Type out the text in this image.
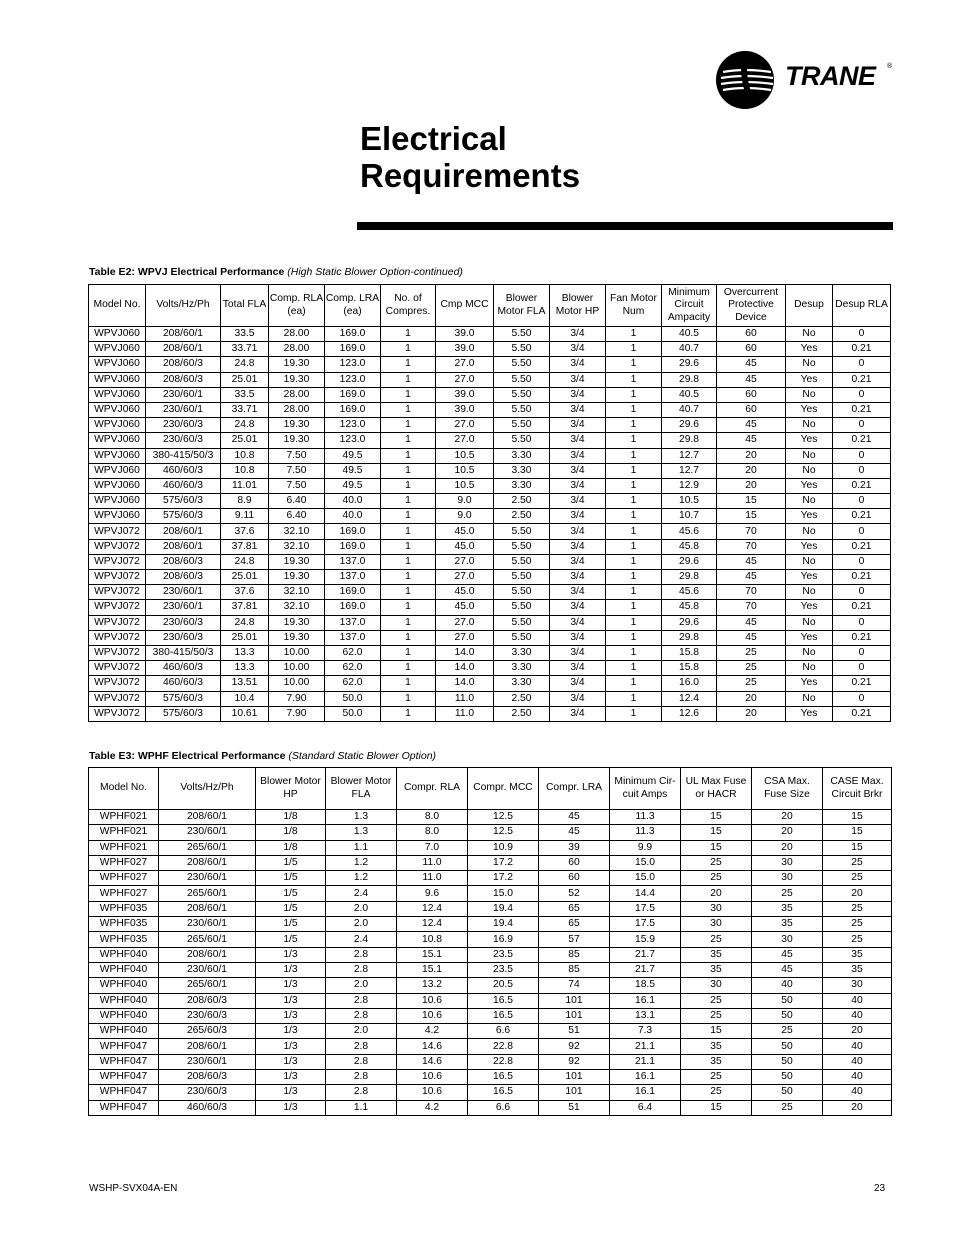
TRANE ®
Electrical
Requirements
Table E2: WPVJ Electrical Performance (High Static Blower Option-continued)
Model No.	Volts/Hz/Ph	Total FLA	Comp. RLA (ea)	Comp. LRA (ea)	No. of Compres.	Cmp MCC	Blower Motor FLA	Blower Motor HP	Fan Motor Num	Minimum Circuit Ampacity	Overcurrent Protective Device	Desup	Desup RLA
WPVJ060	208/60/1	33.5	28.00	169.0	1	39.0	5.50	3/4	1	40.5	60	No	0
WPVJ060	208/60/1	33.71	28.00	169.0	1	39.0	5.50	3/4	1	40.7	60	Yes	0.21
WPVJ060	208/60/3	24.8	19.30	123.0	1	27.0	5.50	3/4	1	29.6	45	No	0
WPVJ060	208/60/3	25.01	19.30	123.0	1	27.0	5.50	3/4	1	29.8	45	Yes	0.21
WPVJ060	230/60/1	33.5	28.00	169.0	1	39.0	5.50	3/4	1	40.5	60	No	0
WPVJ060	230/60/1	33.71	28.00	169.0	1	39.0	5.50	3/4	1	40.7	60	Yes	0.21
WPVJ060	230/60/3	24.8	19.30	123.0	1	27.0	5.50	3/4	1	29.6	45	No	0
WPVJ060	230/60/3	25.01	19.30	123.0	1	27.0	5.50	3/4	1	29.8	45	Yes	0.21
WPVJ060	380-415/50/3	10.8	7.50	49.5	1	10.5	3.30	3/4	1	12.7	20	No	0
WPVJ060	460/60/3	10.8	7.50	49.5	1	10.5	3.30	3/4	1	12.7	20	No	0
WPVJ060	460/60/3	11.01	7.50	49.5	1	10.5	3.30	3/4	1	12.9	20	Yes	0.21
WPVJ060	575/60/3	8.9	6.40	40.0	1	9.0	2.50	3/4	1	10.5	15	No	0
WPVJ060	575/60/3	9.11	6.40	40.0	1	9.0	2.50	3/4	1	10.7	15	Yes	0.21
WPVJ072	208/60/1	37.6	32.10	169.0	1	45.0	5.50	3/4	1	45.6	70	No	0
WPVJ072	208/60/1	37.81	32.10	169.0	1	45.0	5.50	3/4	1	45.8	70	Yes	0.21
WPVJ072	208/60/3	24.8	19.30	137.0	1	27.0	5.50	3/4	1	29.6	45	No	0
WPVJ072	208/60/3	25.01	19.30	137.0	1	27.0	5.50	3/4	1	29.8	45	Yes	0.21
WPVJ072	230/60/1	37.6	32.10	169.0	1	45.0	5.50	3/4	1	45.6	70	No	0
WPVJ072	230/60/1	37.81	32.10	169.0	1	45.0	5.50	3/4	1	45.8	70	Yes	0.21
WPVJ072	230/60/3	24.8	19.30	137.0	1	27.0	5.50	3/4	1	29.6	45	No	0
WPVJ072	230/60/3	25.01	19.30	137.0	1	27.0	5.50	3/4	1	29.8	45	Yes	0.21
WPVJ072	380-415/50/3	13.3	10.00	62.0	1	14.0	3.30	3/4	1	15.8	25	No	0
WPVJ072	460/60/3	13.3	10.00	62.0	1	14.0	3.30	3/4	1	15.8	25	No	0
WPVJ072	460/60/3	13.51	10.00	62.0	1	14.0	3.30	3/4	1	16.0	25	Yes	0.21
WPVJ072	575/60/3	10.4	7.90	50.0	1	11.0	2.50	3/4	1	12.4	20	No	0
WPVJ072	575/60/3	10.61	7.90	50.0	1	11.0	2.50	3/4	1	12.6	20	Yes	0.21
Table E3: WPHF Electrical Performance (Standard Static Blower Option)
Model No.	Volts/Hz/Ph	Blower Motor HP	Blower Motor FLA	Compr. RLA	Compr. MCC	Compr. LRA	Minimum Cir-cuit Amps	UL Max Fuse or HACR	CSA Max. Fuse Size	CASE Max. Circuit Brkr
WPHF021	208/60/1	1/8	1.3	8.0	12.5	45	11.3	15	20	15
WPHF021	230/60/1	1/8	1.3	8.0	12.5	45	11.3	15	20	15
WPHF021	265/60/1	1/8	1.1	7.0	10.9	39	9.9	15	20	15
WPHF027	208/60/1	1/5	1.2	11.0	17.2	60	15.0	25	30	25
WPHF027	230/60/1	1/5	1.2	11.0	17.2	60	15.0	25	30	25
WPHF027	265/60/1	1/5	2.4	9.6	15.0	52	14.4	20	25	20
WPHF035	208/60/1	1/5	2.0	12.4	19.4	65	17.5	30	35	25
WPHF035	230/60/1	1/5	2.0	12.4	19.4	65	17.5	30	35	25
WPHF035	265/60/1	1/5	2.4	10.8	16.9	57	15.9	25	30	25
WPHF040	208/60/1	1/3	2.8	15.1	23.5	85	21.7	35	45	35
WPHF040	230/60/1	1/3	2.8	15.1	23.5	85	21.7	35	45	35
WPHF040	265/60/1	1/3	2.0	13.2	20.5	74	18.5	30	40	30
WPHF040	208/60/3	1/3	2.8	10.6	16.5	101	16.1	25	50	40
WPHF040	230/60/3	1/3	2.8	10.6	16.5	101	13.1	25	50	40
WPHF040	265/60/3	1/3	2.0	4.2	6.6	51	7.3	15	25	20
WPHF047	208/60/1	1/3	2.8	14.6	22.8	92	21.1	35	50	40
WPHF047	230/60/1	1/3	2.8	14.6	22.8	92	21.1	35	50	40
WPHF047	208/60/3	1/3	2.8	10.6	16.5	101	16.1	25	50	40
WPHF047	230/60/3	1/3	2.8	10.6	16.5	101	16.1	25	50	40
WPHF047	460/60/3	1/3	1.1	4.2	6.6	51	6.4	15	25	20
WSHP-SVX04A-EN	23
